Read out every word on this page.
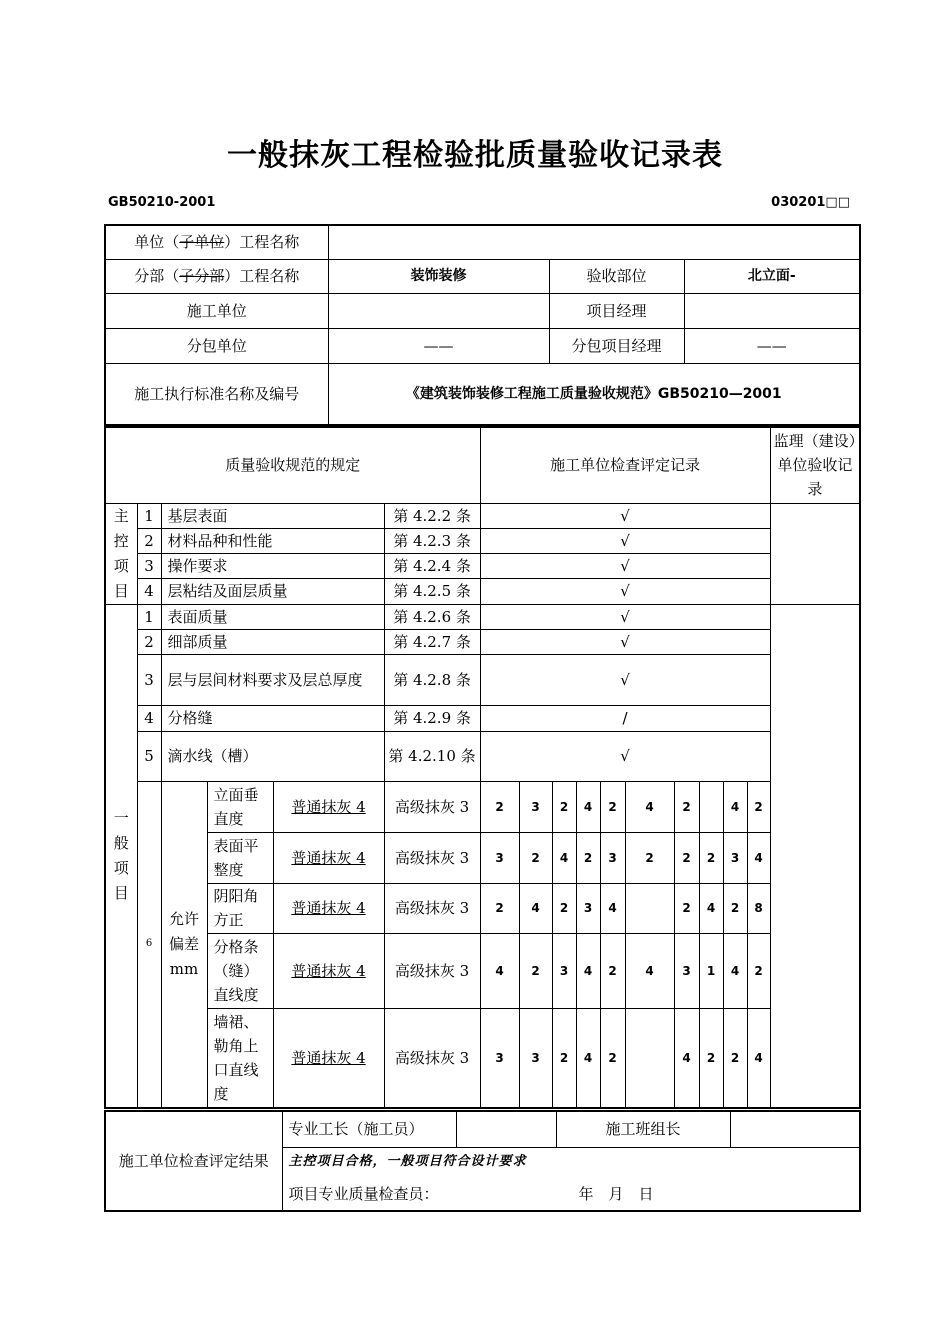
一般抹灰工程检验批质量验收记录表
GB50210-2001	030201□□
单位（子单位）工程名称			
分部（子分部）工程名称	装饰装修	验收部位	北立面-
施工单位		项目经理	
分包单位	——	分包项目经理	——
施工执行标准名称及编号	《建筑装饰装修工程施工质量验收规范》GB50210—2001		
质量验收规范的规定						施工单位检查评定记录										监理（建设）单位验收记录
主
控
项
目	1	基层表面			第 4.2.2 条	√										
	2	材料品种和性能			第 4.2.3 条	√										
	3	操作要求			第 4.2.4 条	√										
	4	层粘结及面层质量			第 4.2.5 条	√										
一
般
项
目	1	表面质量			第 4.2.6 条	√										
	2	细部质量			第 4.2.7 条	√										
	3	层与层间材料要求及层总厚度			第 4.2.8 条	√										
	4	分格缝			第 4.2.9 条	/										
	5	滴水线（槽）			第 4.2.10 条	√										
	6	允许偏差mm	立面垂直度	普通抹灰 4	高级抹灰 3	2	3	2	4	2	4	2		4	2	
			表面平整度	普通抹灰 4	高级抹灰 3	3	2	4	2	3	2	2	2	3	4	
			阴阳角方正	普通抹灰 4	高级抹灰 3	2	4	2	3	4		2	4	2	8	
			分格条（缝）直线度	普通抹灰 4	高级抹灰 3	4	2	3	4	2	4	3	1	4	2	
			墙裙、勒角上口直线度	普通抹灰 4	高级抹灰 3	3	3	2	4	2		4	2	2	4	
施工单位检查评定结果	专业工长（施工员）		施工班组长	
主控项目合格，一般项目符合设计要求
项目专业质量检查员：	年　月　日
